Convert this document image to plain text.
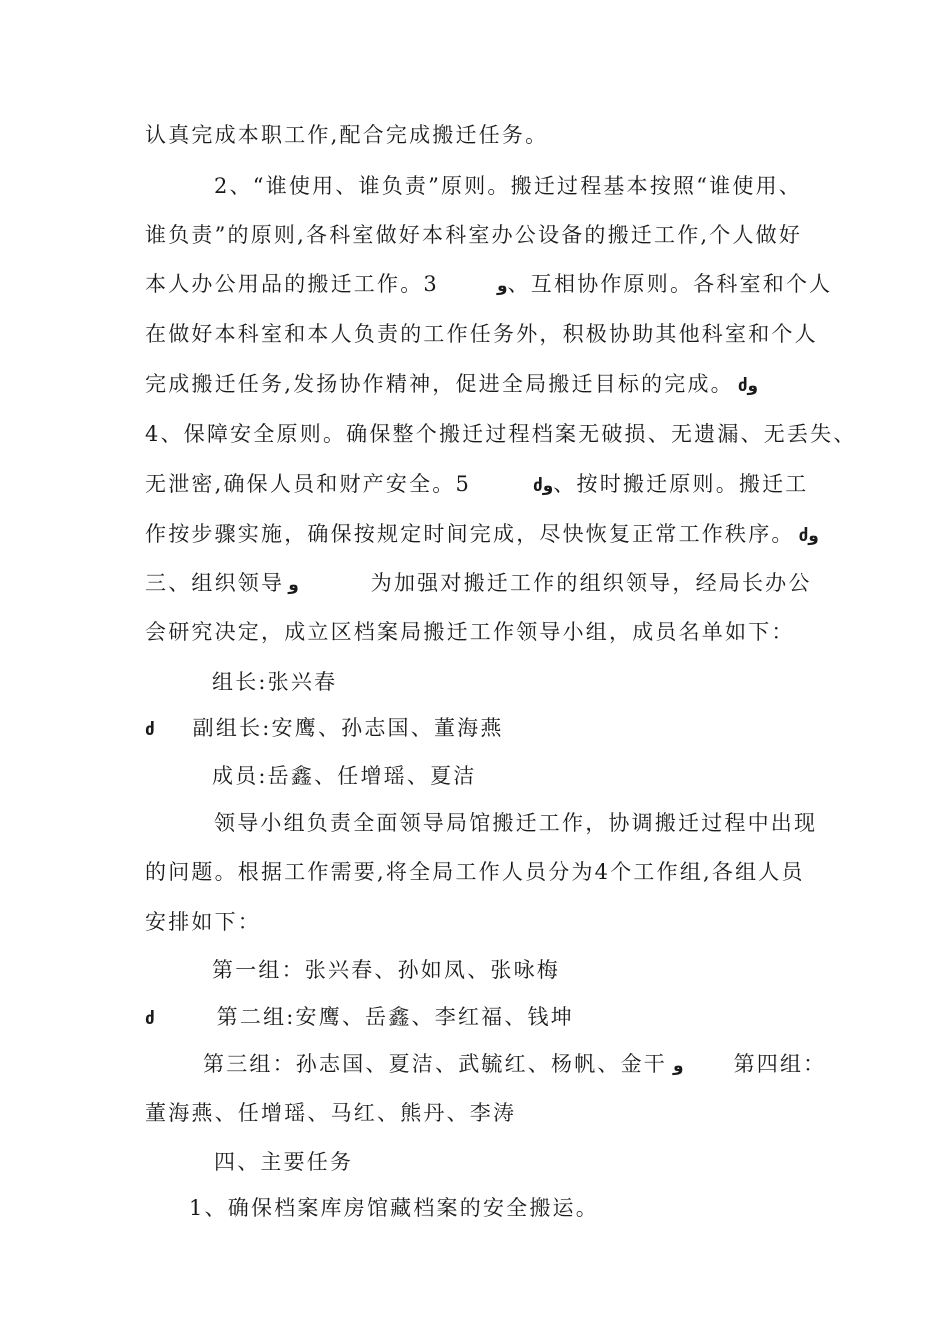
认真完成本职工作,配合完成搬迁任务。
2、“谁使用、谁负责”原则。搬迁过程基本按照“谁使用、
谁负责”的原则,各科室做好本科室办公设备的搬迁工作,个人做好
本人办公用品的搬迁工作。3	و、互相协作原则。各科室和个人
在做好本科室和本人负责的工作任务外，积极协助其他科室和个人
完成搬迁任务,发扬协作精神，促进全局搬迁目标的完成。 ძو
4、保障安全原则。确保整个搬迁过程档案无破损、无遗漏、无丢失、
无泄密,确保人员和财产安全。5	ძو、按时搬迁原则。搬迁工
作按步骤实施，确保按规定时间完成，尽快恢复正常工作秩序。 ძو
三、组织领导 و	为加强对搬迁工作的组织领导，经局长办公
会研究决定，成立区档案局搬迁工作领导小组，成员名单如下：
组长:张兴春
ძ 副组长:安鹰、孙志国、董海燕
成员:岳鑫、任增瑶、夏洁
领导小组负责全面领导局馆搬迁工作，协调搬迁过程中出现
的问题。根据工作需要,将全局工作人员分为4个工作组,各组人员
安排如下：
第一组：张兴春、孙如凤、张咏梅
ძ	第二组:安鹰、岳鑫、李红福、钱坤
第三组：孙志国、夏洁、武毓红、杨帆、金干 و 第四组：
董海燕、任增瑶、马红、熊丹、李涛
四、主要任务
1、确保档案库房馆藏档案的安全搬运。
